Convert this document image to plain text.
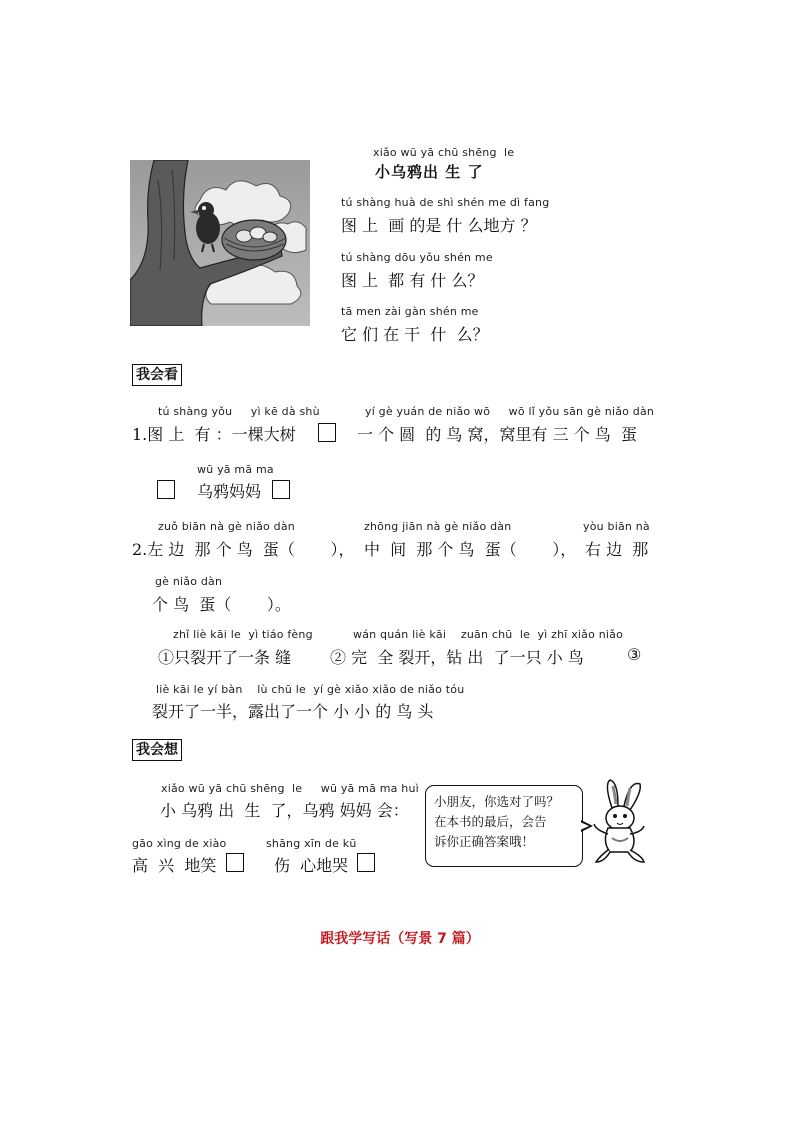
xiǎo wū yā chū shēng  le
小乌鸦出 生 了
tú shàng huà de shì shén me dì fang
图 上  画 的是 什 么地方 ？
tú shàng dōu yǒu shén me
图 上  都 有 什 么？
tā men zài gàn shén me
它 们 在 干  什  么？
我会看
tú shàng yǒu     yì kē dà shù
1.图 上  有 ：一棵大树
yí gè yuán de niǎo wō     wō lǐ yǒu sān gè niǎo dàn
一 个 圆  的 鸟 窝，窝里有 三 个 鸟  蛋
wū yā mā ma
乌鸦妈妈
zuǒ biān nà gè niǎo dàn
2.左 边  那 个 鸟  蛋（       ），
zhōng jiān nà gè niǎo dàn
中  间  那 个 鸟  蛋（       ），
yòu biān nà
右 边  那
gè niǎo dàn
个 鸟  蛋（       ）。
zhǐ liè kāi le  yì tiáo fèng
①只裂开了一条 缝
wán quán liè kāi    zuān chū  le  yì zhī xiǎo niǎo
② 完  全 裂开，钻 出  了一只 小 鸟	③
liè kāi le yí bàn    lù chū le  yí gè xiǎo xiǎo de niǎo tóu
裂开了一半，露出了一个 小 小 的 鸟 头
我会想
xiǎo wū yā chū shēng  le     wū yā mā ma huì
小 乌鸦 出  生  了，乌鸦 妈妈 会：
gāo xìng de xiào
高  兴  地笑
shāng xīn de kū
伤  心地哭
小朋友，你选对了吗？
在本书的最后，会告
诉你正确答案哦！
跟我学写话（写景 7 篇）
